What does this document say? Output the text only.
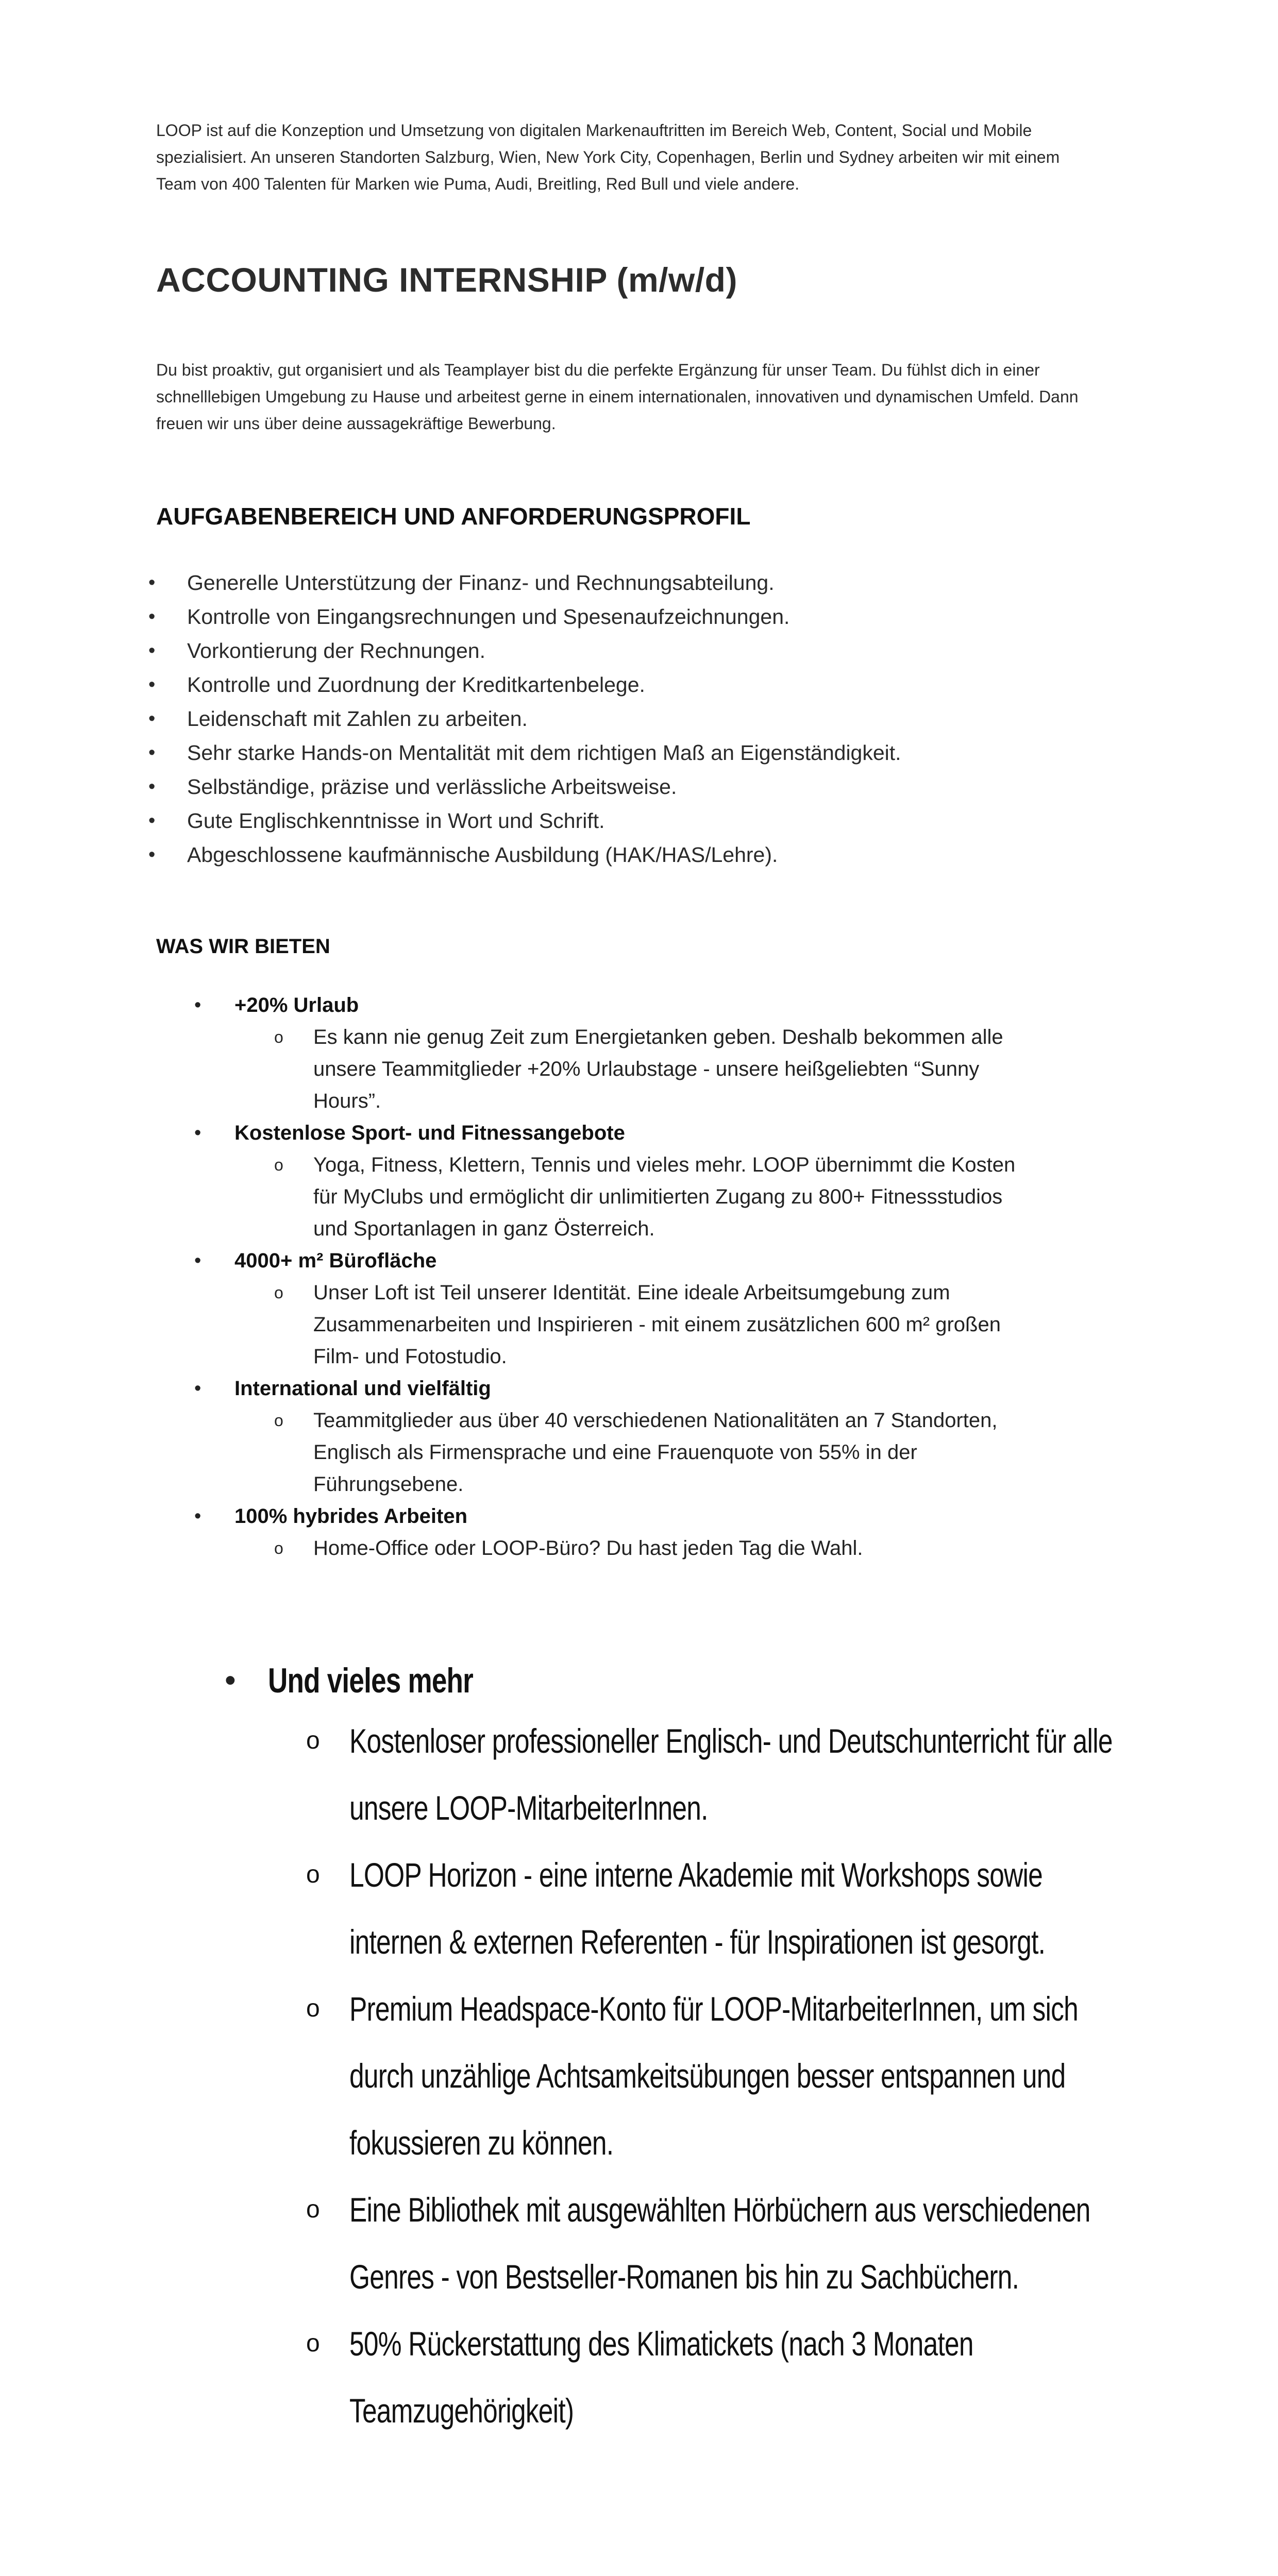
LOOP ist auf die Konzeption und Umsetzung von digitalen Markenauftritten im Bereich Web, Content, Social und Mobile spezialisiert. An unseren Standorten Salzburg, Wien, New York City, Copenhagen, Berlin und Sydney arbeiten wir mit einem Team von 400 Talenten für Marken wie Puma, Audi, Breitling, Red Bull und viele andere.

ACCOUNTING INTERNSHIP (m/w/d)

Du bist proaktiv, gut organisiert und als Teamplayer bist du die perfekte Ergänzung für unser Team. Du fühlst dich in einer schnelllebigen Umgebung zu Hause und arbeitest gerne in einem internationalen, innovativen und dynamischen Umfeld. Dann freuen wir uns über deine aussagekräftige Bewerbung.

AUFGABENBEREICH UND ANFORDERUNGSPROFIL
• Generelle Unterstützung der Finanz- und Rechnungsabteilung.
• Kontrolle von Eingangsrechnungen und Spesenaufzeichnungen.
• Vorkontierung der Rechnungen.
• Kontrolle und Zuordnung der Kreditkartenbelege.
• Leidenschaft mit Zahlen zu arbeiten.
• Sehr starke Hands-on Mentalität mit dem richtigen Maß an Eigenständigkeit.
• Selbständige, präzise und verlässliche Arbeitsweise.
• Gute Englischkenntnisse in Wort und Schrift.
• Abgeschlossene kaufmännische Ausbildung (HAK/HAS/Lehre).
WAS WIR BIETEN
• +20% Urlaub
o Es kann nie genug Zeit zum Energietanken geben. Deshalb bekommen alle unsere Teammitglieder +20% Urlaubstage - unsere heißgeliebten “Sunny Hours”.
• Kostenlose Sport- und Fitnessangebote
o Yoga, Fitness, Klettern, Tennis und vieles mehr. LOOP übernimmt die Kosten für MyClubs und ermöglicht dir unlimitierten Zugang zu 800+ Fitnessstudios und Sportanlagen in ganz Österreich.
• 4000+ m² Bürofläche
o Unser Loft ist Teil unserer Identität. Eine ideale Arbeitsumgebung zum Zusammenarbeiten und Inspirieren - mit einem zusätzlichen 600 m² großen Film- und Fotostudio.
• International und vielfältig
o Teammitglieder aus über 40 verschiedenen Nationalitäten an 7 Standorten, Englisch als Firmensprache und eine Frauenquote von 55% in der Führungsebene.
• 100% hybrides Arbeiten
o Home-Office oder LOOP-Büro? Du hast jeden Tag die Wahl.
• Und vieles mehr
o Kostenloser professioneller Englisch- und Deutschunterricht für alle unsere LOOP-MitarbeiterInnen.
o LOOP Horizon - eine interne Akademie mit Workshops sowie internen & externen Referenten - für Inspirationen ist gesorgt.
o Premium Headspace-Konto für LOOP-MitarbeiterInnen, um sich durch unzählige Achtsamkeitsübungen besser entspannen und fokussieren zu können.
o Eine Bibliothek mit ausgewählten Hörbüchern aus verschiedenen Genres - von Bestseller-Romanen bis hin zu Sachbüchern.
o 50% Rückerstattung des Klimatickets (nach 3 Monaten Teamzugehörigkeit)
